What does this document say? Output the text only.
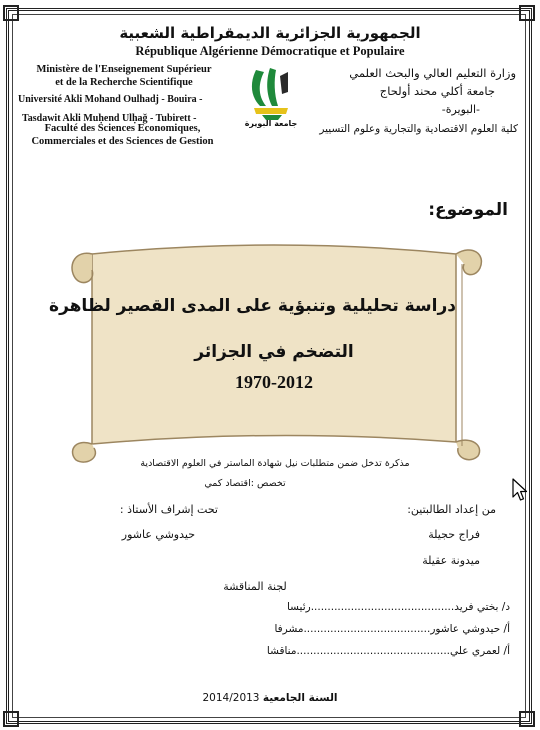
الجمهورية الجزائرية الديمقراطية الشعبية
République Algérienne Démocratique et Populaire
Ministère de l'Enseignement Supérieur
et de la Recherche Scientifique
Université Akli Mohand Oulhadj - Bouira -
Tasdawit Akli Muḥend Ulḥağ - Tubirett -
Faculté des Sciences Economiques,
Commerciales et des Sciences de Gestion
جامعة البويرة
وزارة التعليم العالي والبحث العلمي
جامعة أكلي محند أولحاج
-البويرة-
كلية العلوم الاقتصادية والتجارية وعلوم التسيير
الموضوع:
دراسة تحليلية وتنبؤية على المدى القصير لظاهرة
التضخم في الجزائر
1970-2012
مذكرة تدخل ضمن متطلبات نيل شهادة الماستر في العلوم الاقتصادية
تخصص :اقتصاد كمي
من إعداد الطالبتين:
تحت إشراف الأستاذ :
فراج حجيلة
حيدوشي عاشور
ميدونة عقيلة
لجنة المناقشة
د/ بختي فريد...........................................رئيسا
أ/ حيدوشي عاشور......................................مشرفا
أ/ لعمري علي..............................................مناقشا
السنة الجامعية 2014/2013
